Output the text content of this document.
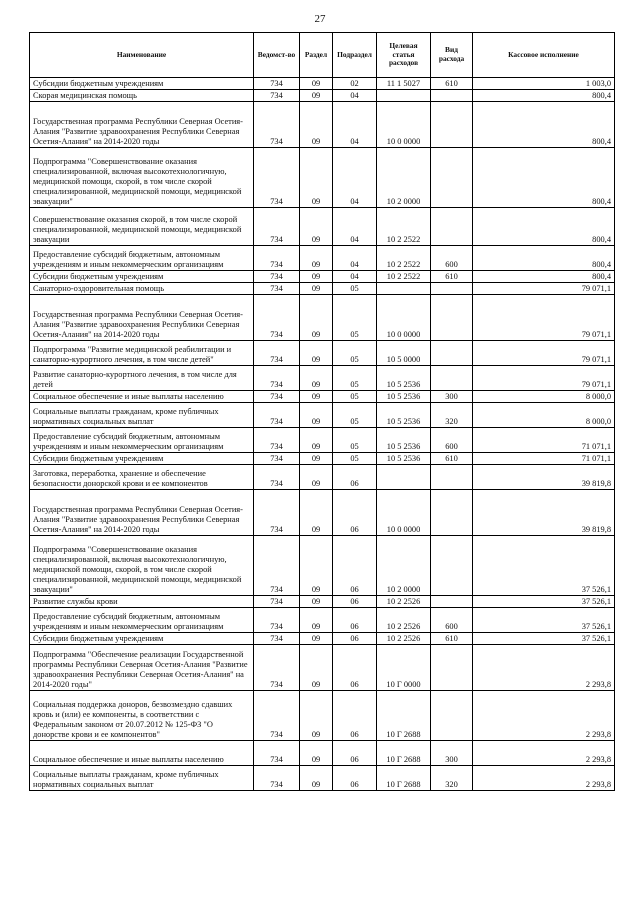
27
Наименование	Ведомст-во	Раздел	Подраздел	Целевая статья расходов	Вид расхода	Кассовое исполнение
Субсидии бюджетным учреждениям	734	09	02	11 1 5027	610	1 003,0
Скорая медицинская помощь	734	09	04			800,4
Государственная программа Республики Северная Осетия-Алания "Развитие здравоохранения Республики Северная Осетия-Алания" на 2014-2020 годы	734	09	04	10 0 0000		800,4
Подпрограмма "Совершенствование оказания специализированной, включая высокотехнологичную, медицинской помощи, скорой, в том числе скорой специализированной, медицинской помощи, медицинской эвакуации"	734	09	04	10 2 0000		800,4
Совершенствование оказания скорой, в том числе скорой специализированной, медицинской помощи, медицинской эвакуации	734	09	04	10 2 2522		800,4
Предоставление субсидий бюджетным, автономным учреждениям и иным некоммерческим организациям	734	09	04	10 2 2522	600	800,4
Субсидии бюджетным учреждениям	734	09	04	10 2 2522	610	800,4
Санаторно-оздоровительная помощь	734	09	05			79 071,1
Государственная программа Республики Северная Осетия-Алания "Развитие здравоохранения Республики Северная Осетия-Алания" на 2014-2020 годы	734	09	05	10 0 0000		79 071,1
Подпрограмма "Развитие медицинской реабилитации и санаторно-курортного лечения, в том числе детей"	734	09	05	10 5 0000		79 071,1
Развитие санаторно-курортного лечения, в том числе для детей	734	09	05	10 5 2536		79 071,1
Социальное обеспечение и иные выплаты населению	734	09	05	10 5 2536	300	8 000,0
Социальные выплаты гражданам, кроме публичных нормативных социальных выплат	734	09	05	10 5 2536	320	8 000,0
Предоставление субсидий бюджетным, автономным учреждениям и иным некоммерческим организациям	734	09	05	10 5 2536	600	71 071,1
Субсидии бюджетным учреждениям	734	09	05	10 5 2536	610	71 071,1
Заготовка, переработка, хранение и обеспечение безопасности донорской крови и ее компонентов	734	09	06			39 819,8
Государственная программа Республики Северная Осетия-Алания "Развитие здравоохранения Республики Северная Осетия-Алания" на 2014-2020 годы	734	09	06	10 0 0000		39 819,8
Подпрограмма "Совершенствование оказания специализированной, включая высокотехнологичную, медицинской помощи, скорой, в том числе скорой специализированной, медицинской помощи, медицинской эвакуации"	734	09	06	10 2 0000		37 526,1
Развитие службы крови	734	09	06	10 2 2526		37 526,1
Предоставление субсидий бюджетным, автономным учреждениям и иным некоммерческим организациям	734	09	06	10 2 2526	600	37 526,1
Субсидии бюджетным учреждениям	734	09	06	10 2 2526	610	37 526,1
Подпрограмма "Обеспечение реализации Государственной программы Республики Северная Осетия-Алания "Развитие здравоохранения Республики Северная Осетия-Алания" на 2014-2020 годы"	734	09	06	10 Г 0000		2 293,8
Социальная поддержка доноров, безвозмездно сдавших кровь и (или) ее компоненты, в соответствии с Федеральным законом от 20.07.2012 № 125-ФЗ "О донорстве крови и ее компонентов"	734	09	06	10 Г 2688		2 293,8
Социальное обеспечение и иные выплаты населению	734	09	06	10 Г 2688	300	2 293,8
Социальные выплаты гражданам, кроме публичных нормативных социальных выплат	734	09	06	10 Г 2688	320	2 293,8
